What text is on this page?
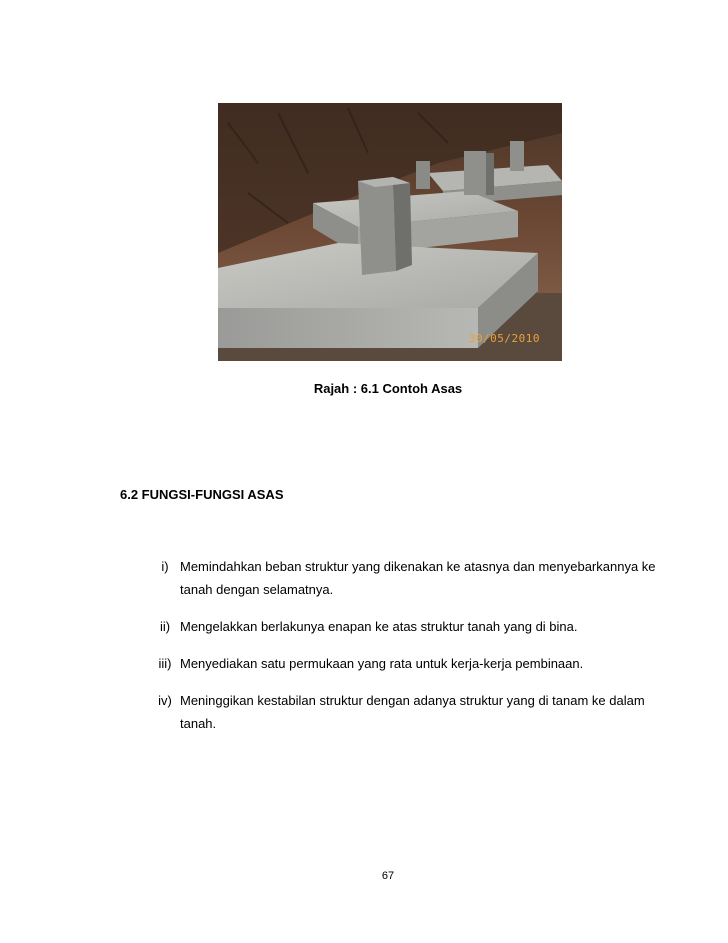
30/05/2010
Rajah : 6.1 Contoh Asas
6.2 FUNGSI-FUNGSI ASAS
i) Memindahkan beban struktur yang dikenakan ke atasnya dan menyebarkannya ke tanah dengan selamatnya.
ii) Mengelakkan berlakunya enapan ke atas struktur tanah yang di bina.
iii) Menyediakan satu permukaan yang rata untuk kerja-kerja pembinaan.
iv) Meninggikan kestabilan struktur dengan adanya struktur yang di tanam ke dalam tanah.
67
